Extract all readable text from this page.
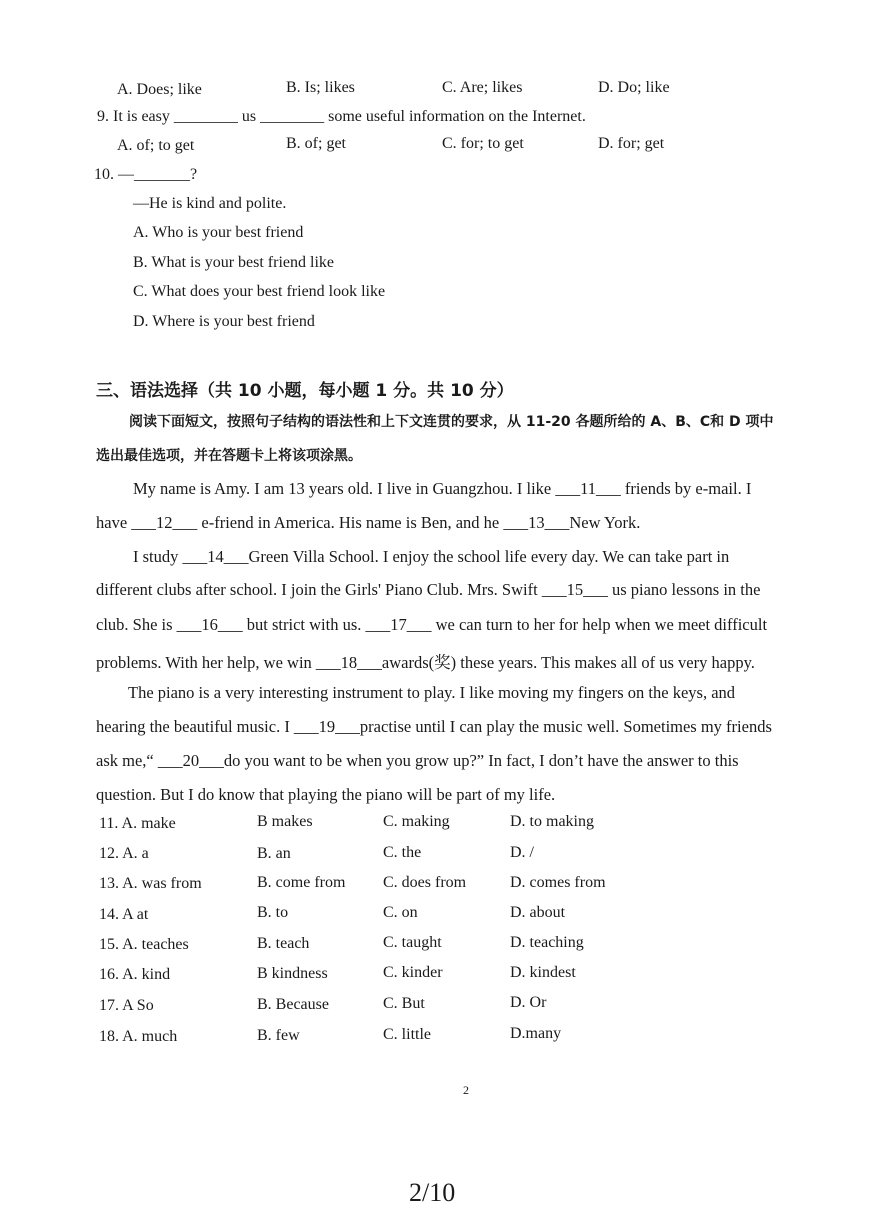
A. Does; like	B. Is; likes	C. Are; likes	D. Do; like
9. It is easy ________ us ________ some useful information on the Internet.
A. of; to get	B. of; get	C. for; to get	D. for; get
10. —_______?
—He is kind and polite.
A. Who is your best friend
B. What is your best friend like
C. What does your best friend look like
D. Where is your best friend
三、语法选择（共 10 小题，每小题 1 分。共 10 分）
阅读下面短文，按照句子结构的语法性和上下文连贯的要求，从 11-20 各题所给的 A、B、C和 D 项中
选出最佳选项，并在答题卡上将该项涂黑。
My name is Amy. I am 13 years old. I live in Guangzhou. I like ___11___ friends by e-mail. I
have ___12___ e-friend in America. His name is Ben, and he ___13___New York.
I study ___14___Green Villa School. I enjoy the school life every day. We can take part in
different clubs after school. I join the Girls' Piano Club. Mrs. Swift ___15___ us piano lessons in the
club. She is ___16___ but strict with us. ___17___ we can turn to her for help when we meet difficult
problems. With her help, we win ___18___awards(奖) these years. This makes all of us very happy.
The piano is a very interesting instrument to play. I like moving my fingers on the keys, and
hearing the beautiful music. I ___19___practise until I can play the music well. Sometimes my friends
ask me,“ ___20___do you want to be when you grow up?” In fact, I don’t have the answer to this
question. But I do know that playing the piano will be part of my life.
11. A. make	B makes	C. making	D. to making
12. A. a	B. an	C. the	D. /
13. A. was from	B. come from C. does from	D. comes from
14. A at	B. to	C. on	D. about
15. A. teaches	B. teach	C. taught	D. teaching
16. A. kind	B kindness	C. kinder	D. kindest
17. A So	B. Because	C. But	D. Or
18. A. much	B. few	C. little	D.many
2
2/10
